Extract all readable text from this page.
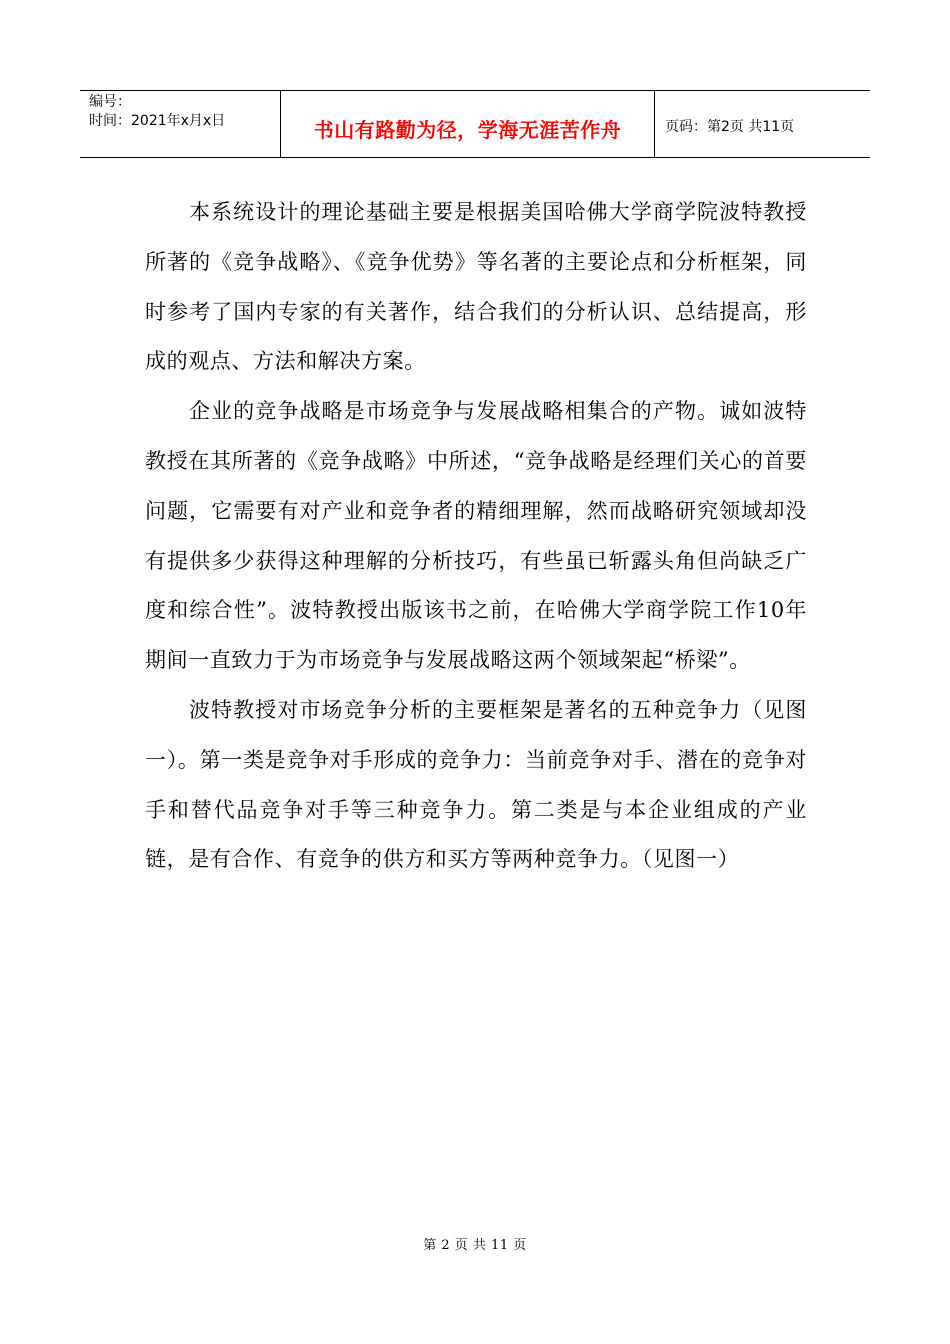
编号：
时间：2021年x月x日	书山有路勤为径，学海无涯苦作舟	页码：第2页 共11页

本系统设计的理论基础主要是根据美国哈佛大学商学院波特教授所著的《竞争战略》、《竞争优势》等名著的主要论点和分析框架，同时参考了国内专家的有关著作，结合我们的分析认识、总结提高，形成的观点、方法和解决方案。

企业的竞争战略是市场竞争与发展战略相集合的产物。诚如波特教授在其所著的《竞争战略》中所述，“竞争战略是经理们关心的首要问题，它需要有对产业和竞争者的精细理解，然而战略研究领域却没有提供多少获得这种理解的分析技巧，有些虽已斩露头角但尚缺乏广度和综合性”。波特教授出版该书之前，在哈佛大学商学院工作10年期间一直致力于为市场竞争与发展战略这两个领域架起“桥梁”。

波特教授对市场竞争分析的主要框架是著名的五种竞争力（见图一）。第一类是竞争对手形成的竞争力：当前竞争对手、潜在的竞争对手和替代品竞争对手等三种竞争力。第二类是与本企业组成的产业链，是有合作、有竞争的供方和买方等两种竞争力。（见图一）

第 2 页 共 11 页
